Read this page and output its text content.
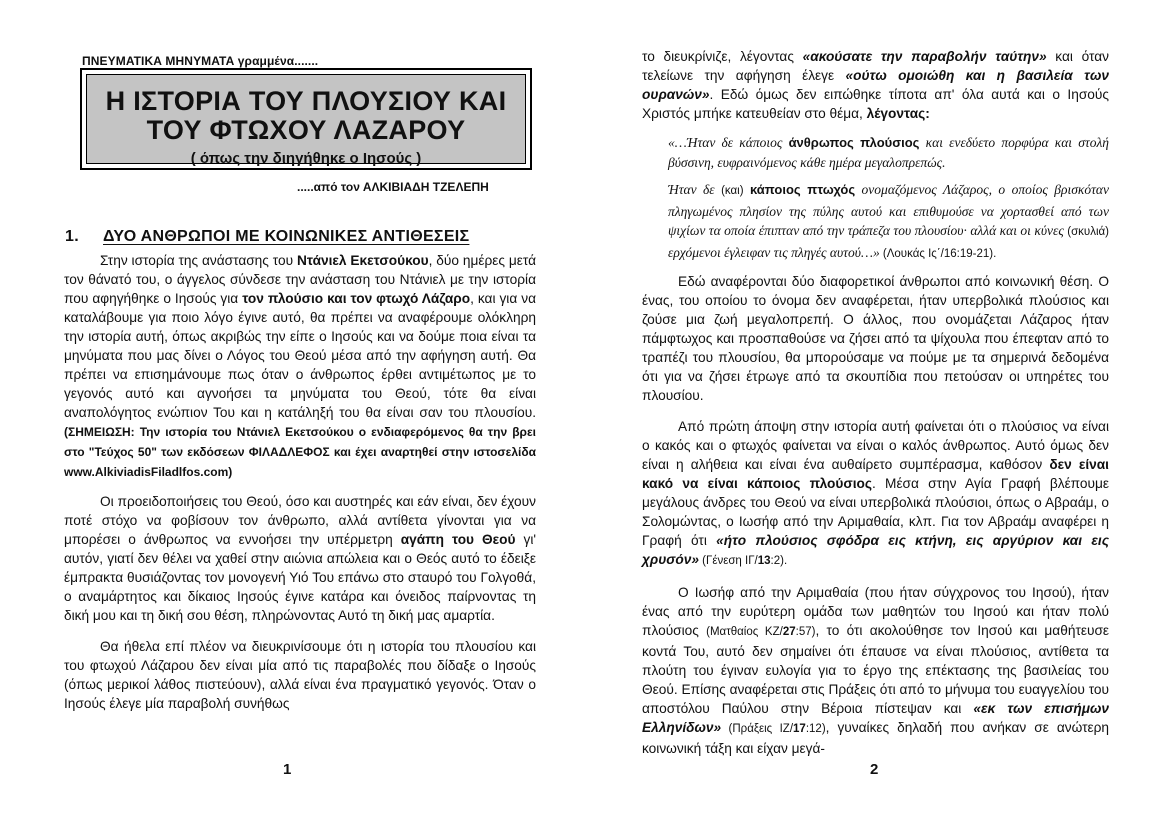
ΠΝΕΥΜΑΤΙΚΑ ΜΗΝΥΜΑΤΑ γραμμένα.......
Η ΙΣΤΟΡΙΑ ΤΟΥ ΠΛΟΥΣΙΟΥ ΚΑΙ
ΤΟΥ ΦΤΩΧΟΥ ΛΑΖΑΡΟΥ
( όπως την διηγήθηκε ο Ιησούς )
.....από τον ΑΛΚΙΒΙΑΔΗ ΤΖΕΛΕΠΗ
1. ΔΥΟ ΑΝΘΡΩΠΟΙ ΜΕ ΚΟΙΝΩΝΙΚΕΣ ΑΝΤΙΘΕΣΕΙΣ

Στην ιστορία της ανάστασης του Ντάνιελ Εκετσούκου, δύο ημέρες μετά τον θάνατό του, ο άγγελος σύνδεσε την ανάσταση του Ντάνιελ με την ιστορία που αφηγήθηκε ο Ιησούς για τον πλούσιο και τον φτωχό Λάζαρο, και για να καταλάβουμε για ποιο λόγο έγινε αυτό, θα πρέπει να αναφέρουμε ολόκληρη την ιστορία αυτή, όπως ακριβώς την είπε ο Ιησούς και να δούμε ποια είναι τα μηνύματα που μας δίνει ο Λόγος του Θεού μέσα από την αφήγηση αυτή. Θα πρέπει να επισημάνουμε πως όταν ο άνθρωπος έρθει αντιμέτωπος με το γεγονός αυτό και αγνοήσει τα μηνύματα του Θεού, τότε θα είναι αναπολόγητος ενώπιον Του και η κατάληξή του θα είναι σαν του πλουσίου. (ΣΗΜΕΙΩΣΗ: Την ιστορία του Ντάνιελ Εκετσούκου ο ενδιαφερόμενος θα την βρει στο "Τεύχος 50" των εκδόσεων ΦΙΛΑΔΛΕΦΟΣ και έχει αναρτηθεί στην ιστοσελίδα www.AlkiviadisFiladlfos.com)

Οι προειδοποιήσεις του Θεού, όσο και αυστηρές και εάν είναι, δεν έχουν ποτέ στόχο να φοβίσουν τον άνθρωπο, αλλά αντίθετα γίνονται για να μπορέσει ο άνθρωπος να εννοήσει την υπέρμετρη αγάπη του Θεού γι' αυτόν, γιατί δεν θέλει να χαθεί στην αιώνια απώλεια και ο Θεός αυτό το έδειξε έμπρακτα θυσιάζοντας τον μονογενή Υιό Του επάνω στο σταυρό του Γολγοθά, ο αναμάρτητος και δίκαιος Ιησούς έγινε κατάρα και όνειδος παίρνοντας τη δική μου και τη δική σου θέση, πληρώνοντας Αυτό τη δική μας αμαρτία.

Θα ήθελα επί πλέον να διευκρινίσουμε ότι η ιστορία του πλουσίου και του φτωχού Λάζαρου δεν είναι μία από τις παραβολές που δίδαξε ο Ιησούς (όπως μερικοί λάθος πιστεύουν), αλλά είναι ένα πραγματικό γεγονός. Όταν ο Ιησούς έλεγε μία παραβολή συνήθως

1

το διευκρίνιζε, λέγοντας «ακούσατε την παραβολήν ταύτην» και όταν τελείωνε την αφήγηση έλεγε «ούτω ομοιώθη και η βασιλεία των ουρανών». Εδώ όμως δεν ειπώθηκε τίποτα απ' όλα αυτά και ο Ιησούς Χριστός μπήκε κατευθείαν στο θέμα, λέγοντας:

«…Ήταν δε κάποιος άνθρωπος πλούσιος και ενεδύετο πορφύρα και στολή βύσσινη, ευφραινόμενος κάθε ημέρα μεγαλοπρεπώς.
Ήταν δε (και) κάποιος πτωχός ονομαζόμενος Λάζαρος, ο οποίος βρισκόταν πληγωμένος πλησίον της πύλης αυτού και επιθυμούσε να χορτασθεί από των ψιχίων τα οποία έπιπταν από την τράπεζα του πλουσίου· αλλά και οι κύνες (σκυλιά) ερχόμενοι έγλειφαν τις πληγές αυτού…» (Λουκάς Ις΄/16:19-21).

Εδώ αναφέρονται δύο διαφορετικοί άνθρωποι από κοινωνική θέση. Ο ένας, του οποίου το όνομα δεν αναφέρεται, ήταν υπερβολικά πλούσιος και ζούσε μια ζωή μεγαλοπρεπή. Ο άλλος, που ονομάζεται Λάζαρος ήταν πάμφτωχος και προσπαθούσε να ζήσει από τα ψίχουλα που έπεφταν από το τραπέζι του πλουσίου, θα μπορούσαμε να πούμε με τα σημερινά δεδομένα ότι για να ζήσει έτρωγε από τα σκουπίδια που πετούσαν οι υπηρέτες του πλουσίου.

Από πρώτη άποψη στην ιστορία αυτή φαίνεται ότι ο πλούσιος να είναι ο κακός και ο φτωχός φαίνεται να είναι ο καλός άνθρωπος. Αυτό όμως δεν είναι η αλήθεια και είναι ένα αυθαίρετο συμπέρασμα, καθόσον δεν είναι κακό να είναι κάποιος πλούσιος. Μέσα στην Αγία Γραφή βλέπουμε μεγάλους άνδρες του Θεού να είναι υπερβολικά πλούσιοι, όπως ο Αβραάμ, ο Σολομώντας, ο Ιωσήφ από την Αριμαθαία, κλπ. Για τον Αβραάμ αναφέρει η Γραφή ότι «ήτο πλούσιος σφόδρα εις κτήνη, εις αργύριον και εις χρυσόν» (Γένεση ΙΓ/13:2).

Ο Ιωσήφ από την Αριμαθαία (που ήταν σύγχρονος του Ιησού), ήταν ένας από την ευρύτερη ομάδα των μαθητών του Ιησού και ήταν πολύ πλούσιος (Ματθαίος ΚΖ/27:57), το ότι ακολούθησε τον Ιησού και μαθήτευσε κοντά Του, αυτό δεν σημαίνει ότι έπαυσε να είναι πλούσιος, αντίθετα τα πλούτη του έγιναν ευλογία για το έργο της επέκτασης της βασιλείας του Θεού. Επίσης αναφέρεται στις Πράξεις ότι από το μήνυμα του ευαγγελίου του αποστόλου Παύλου στην Βέροια πίστεψαν και «εκ των επισήμων Ελληνίδων» (Πράξεις ΙΖ/17:12), γυναίκες δηλαδή που ανήκαν σε ανώτερη κοινωνική τάξη και είχαν μεγά-

2
